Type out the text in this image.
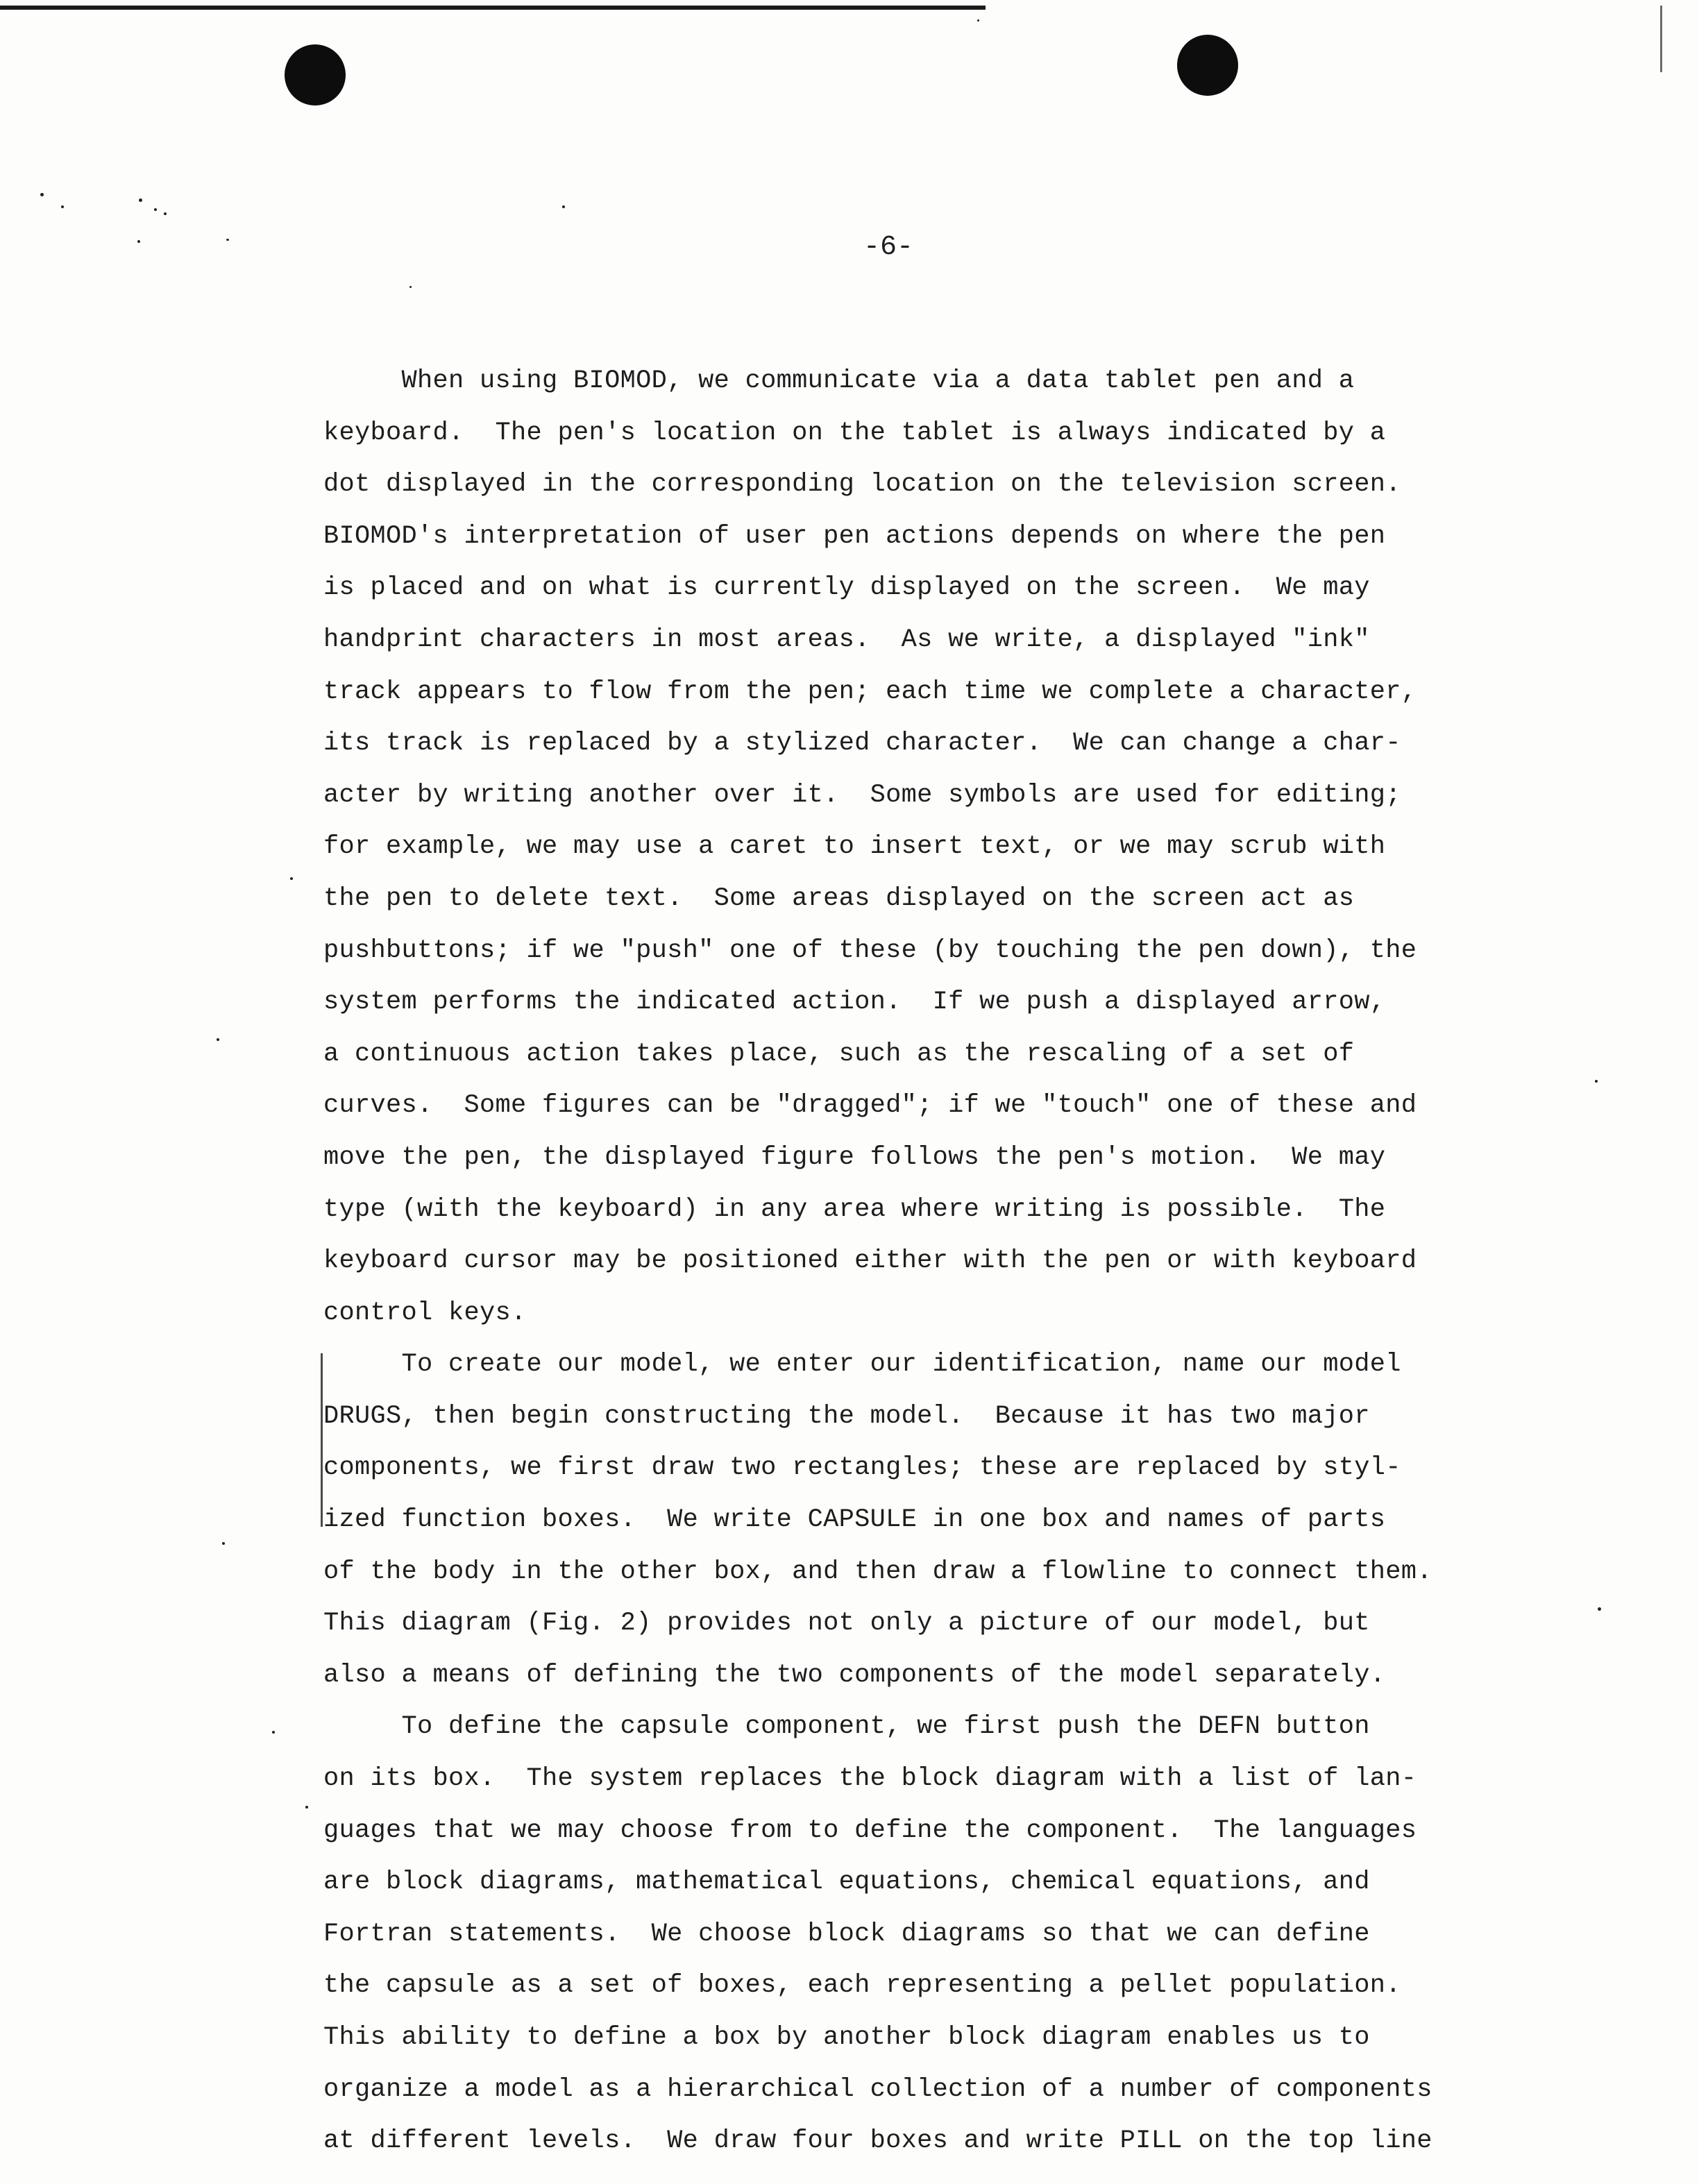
-6-
When using BIOMOD, we communicate via a data tablet pen and a
keyboard.  The pen's location on the tablet is always indicated by a
dot displayed in the corresponding location on the television screen.
BIOMOD's interpretation of user pen actions depends on where the pen
is placed and on what is currently displayed on the screen.  We may
handprint characters in most areas.  As we write, a displayed "ink"
track appears to flow from the pen; each time we complete a character,
its track is replaced by a stylized character.  We can change a char-
acter by writing another over it.  Some symbols are used for editing;
for example, we may use a caret to insert text, or we may scrub with
the pen to delete text.  Some areas displayed on the screen act as
pushbuttons; if we "push" one of these (by touching the pen down), the
system performs the indicated action.  If we push a displayed arrow,
a continuous action takes place, such as the rescaling of a set of
curves.  Some figures can be "dragged"; if we "touch" one of these and
move the pen, the displayed figure follows the pen's motion.  We may
type (with the keyboard) in any area where writing is possible.  The
keyboard cursor may be positioned either with the pen or with keyboard
control keys.
To create our model, we enter our identification, name our model
DRUGS, then begin constructing the model.  Because it has two major
components, we first draw two rectangles; these are replaced by styl-
ized function boxes.  We write CAPSULE in one box and names of parts
of the body in the other box, and then draw a flowline to connect them.
This diagram (Fig. 2) provides not only a picture of our model, but
also a means of defining the two components of the model separately.
To define the capsule component, we first push the DEFN button
on its box.  The system replaces the block diagram with a list of lan-
guages that we may choose from to define the component.  The languages
are block diagrams, mathematical equations, chemical equations, and
Fortran statements.  We choose block diagrams so that we can define
the capsule as a set of boxes, each representing a pellet population.
This ability to define a box by another block diagram enables us to
organize a model as a hierarchical collection of a number of components
at different levels.  We draw four boxes and write PILL on the top line
